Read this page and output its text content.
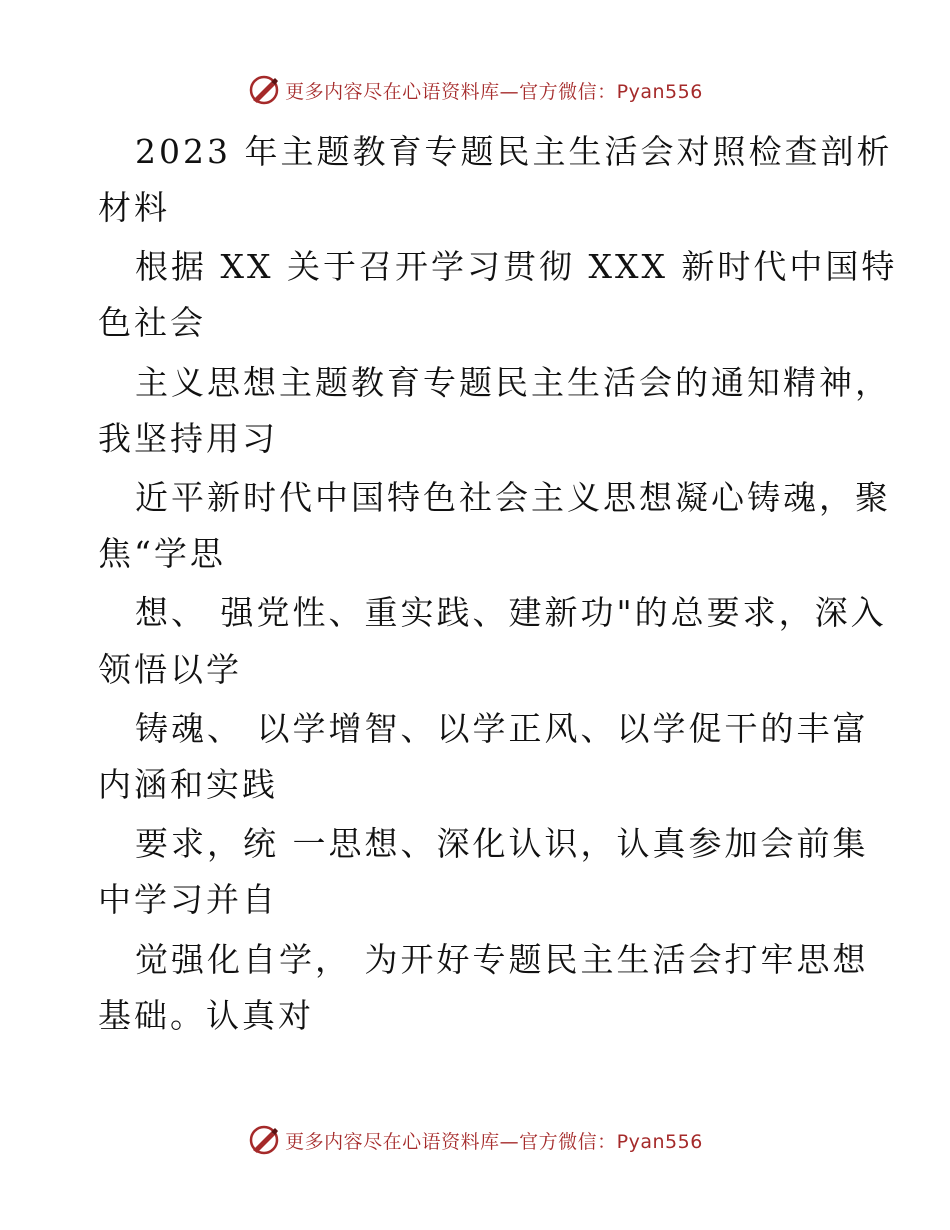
更多内容尽在心语资料库—官方微信：Pyan556
2023 年主题教育专题民主生活会对照检查剖析
材料
根据 XX 关于召开学习贯彻 XXX 新时代中国特
色社会
主义思想主题教育专题民主生活会的通知精神，
我坚持用习
近平新时代中国特色社会主义思想凝心铸魂，聚
焦“学思
想、 强党性、重实践、建新功"的总要求，深入
领悟以学
铸魂、 以学增智、以学正风、以学促干的丰富
内涵和实践
要求，统 一思想、深化认识，认真参加会前集
中学习并自
觉强化自学， 为开好专题民主生活会打牢思想
基础。认真对
更多内容尽在心语资料库—官方微信：Pyan556
